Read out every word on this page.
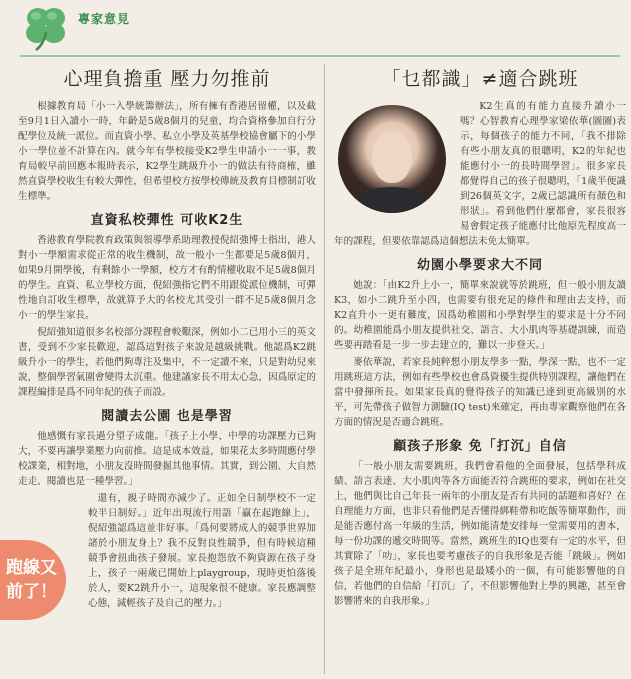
專家意見
心理負擔重 壓力勿推前

根據教育局「小一入學統籌辦法」，所有擁有香港居留權，以及截至9月1日入讀小一時，年齡是5歲8個月的兒童，均合資格參加自行分配學位及統一派位。而直資小學、私立小學及英基學校協會屬下的小學小一學位並不計算在內。就今年有學校接受K2學生申請小一一事，教育局較早前回應本報時表示，K2學生跳級升小一的做法有待商榷，雖然直資學校收生有較大彈性，但希望校方按學校傳統及教育目標制訂收生標準。

直資私校彈性 可收K2生

香港教育學院教育政策與領導學系助理教授倪紹強博士指出，港人對小一學額需求從正常的收生機制，故一般小一生都要足5歲8個月，如果9月開學後，有剩餘小一學額，校方才有酌情權收取不足5歲8個月的學生。直資、私立學校方面，倪紹強指它們不用跟從派位機制，可彈性地自訂收生標準，故就算予大的名校尤其受引一群不足5歲8個月念小一的學生家長。

倪紹強知道很多名校部分課程會較艱深，例如小二已用小三的英文書，受到不少家長歡迎，認爲這對孩子來說是越級挑戰。他認爲K2跳級升小一的學生，若他們夠專注及集中，不一定讀不來，只是對幼兒來說，整個學習氣圍會變得太沉重。他建議家長不用太心急，因爲原定的課程編排是爲不同年紀的孩子而設。

閱讀去公園 也是學習

他感慨有家長過分望子成龍。「孩子上小學、中學的功課壓力已夠大，不要再讓學業壓力向前推。這是成本效益，如果花太多時間應付學校課業，相對地，小朋友沒時間發掘其他事情。其實，到公園、大自然走走、閱讀也是一種學習。」

還有，親子時間亦減少了。正如全日制學校不一定較半日制好。」近年出現流行用語「贏在起跑線上」，倪紹強認爲這並非好事。「爲何要將成人的競爭世界加諸於小朋友身上？我不反對良性競爭，但有時候這種競爭會扭曲孩子發展。家長抱怨放不夠資源在孩子身上，孩子一兩歲已開始上playgroup，現時更怕落後於人，要K2跳升小一，這現象很不健康。家長應調整心態，減輕孩子及自己的壓力。」

跑線又
前了！
「乜都識」≠適合跳班

K2生真的有能力直接升讀小一嗎？心智教育心理學家梁依華(圖圖)表示，每個孩子的能力不同，「我不排除有些小朋友真的很聰明，K2的年紀也能應付小一的長時間學習」。很多家長都覺得自己的孩子很聰明，「1歲半便識到26個英文字，2歲已認識所有顏色和形狀」。看到他們什麼都會，家長很容易會假定孩子能應付比他原先程度高一年的課程，但要依靠認爲這個想法未免太簡單。

幼園小學要求大不同

她說：「由K2升上小一，簡單來說就等於跳班，但一般小朋友讀K3，如小二跳升至小四，也需要有很充足的條件和理由去支持，而K2直升小一更有難度，因爲幼稚園和小學對學生的要求是十分不同的。幼稚園能爲小朋友提供社交、語言、大小肌肉等基礎訓練，而造些要再踏看是一步一步去建立的，難以一步登天。」

麥依華說，若家長純粹想小朋友學多一點，學深一點，也不一定用跳班這方法，例如有些學校也會爲資優生提供特別課程，讓他們在當中發揮所長。如果家長真的覺得孩子的知識已達到更高級別的水平，可先帶孩子做智力測驗(IQ test)來確定，再由專家觀察他們在各方面的情況是否適合跳班。

顧孩子形象 免「打沉」自信

「一般小朋友需要跳班，我們會看他的全面發展，包括學科成績、語言表達、大小肌肉等各方面能否符合跳班的要求，例如在社交上，他們與比自己年長一兩年的小朋友是否有共同的話題和喜好？在自理能力方面，也非只看他們是否懂得綁鞋帶和吃飯等簡單動作，而是能否應付高一年級的生活，例如能清楚安排每一堂需要用的書本，每一份功課的遞交時間等。當然，跳班生的IQ也要有一定的水平，但其實除了「叻」，家長也要考慮孩子的自我形象是否能「跳級」。例如孩子是全班年紀最小，身形也是最矮小的一個，有可能影響他的自信，若他們的自信給「打沉」了，不但影響他對上學的興趣，甚至會影響將來的自我形象。」
